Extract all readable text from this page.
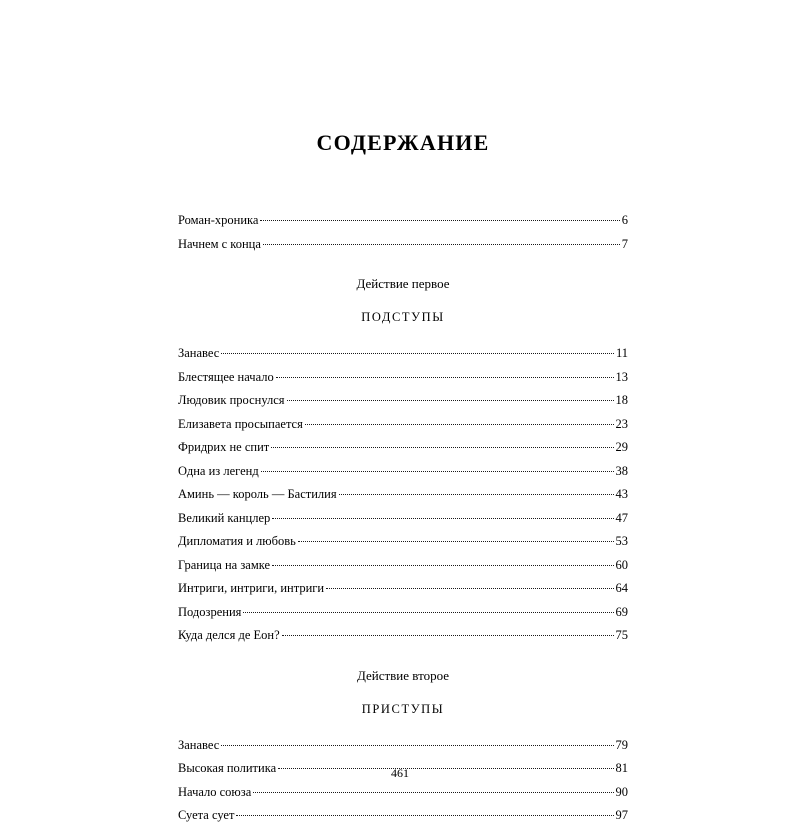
СОДЕРЖАНИЕ
Роман-хроника	6
Начнем с конца	7
Действие первое
ПОДСТУПЫ
Занавес	11
Блестящее начало	13
Людовик проснулся	18
Елизавета просыпается	23
Фридрих не спит	29
Одна из легенд	38
Аминь — король — Бастилия	43
Великий канцлер	47
Дипломатия и любовь	53
Граница на замке	60
Интриги, интриги, интриги	64
Подозрения	69
Куда делся де Еон?	75
Действие второе
ПРИСТУПЫ
Занавес	79
Высокая политика	81
Начало союза	90
Суета сует	97
461
